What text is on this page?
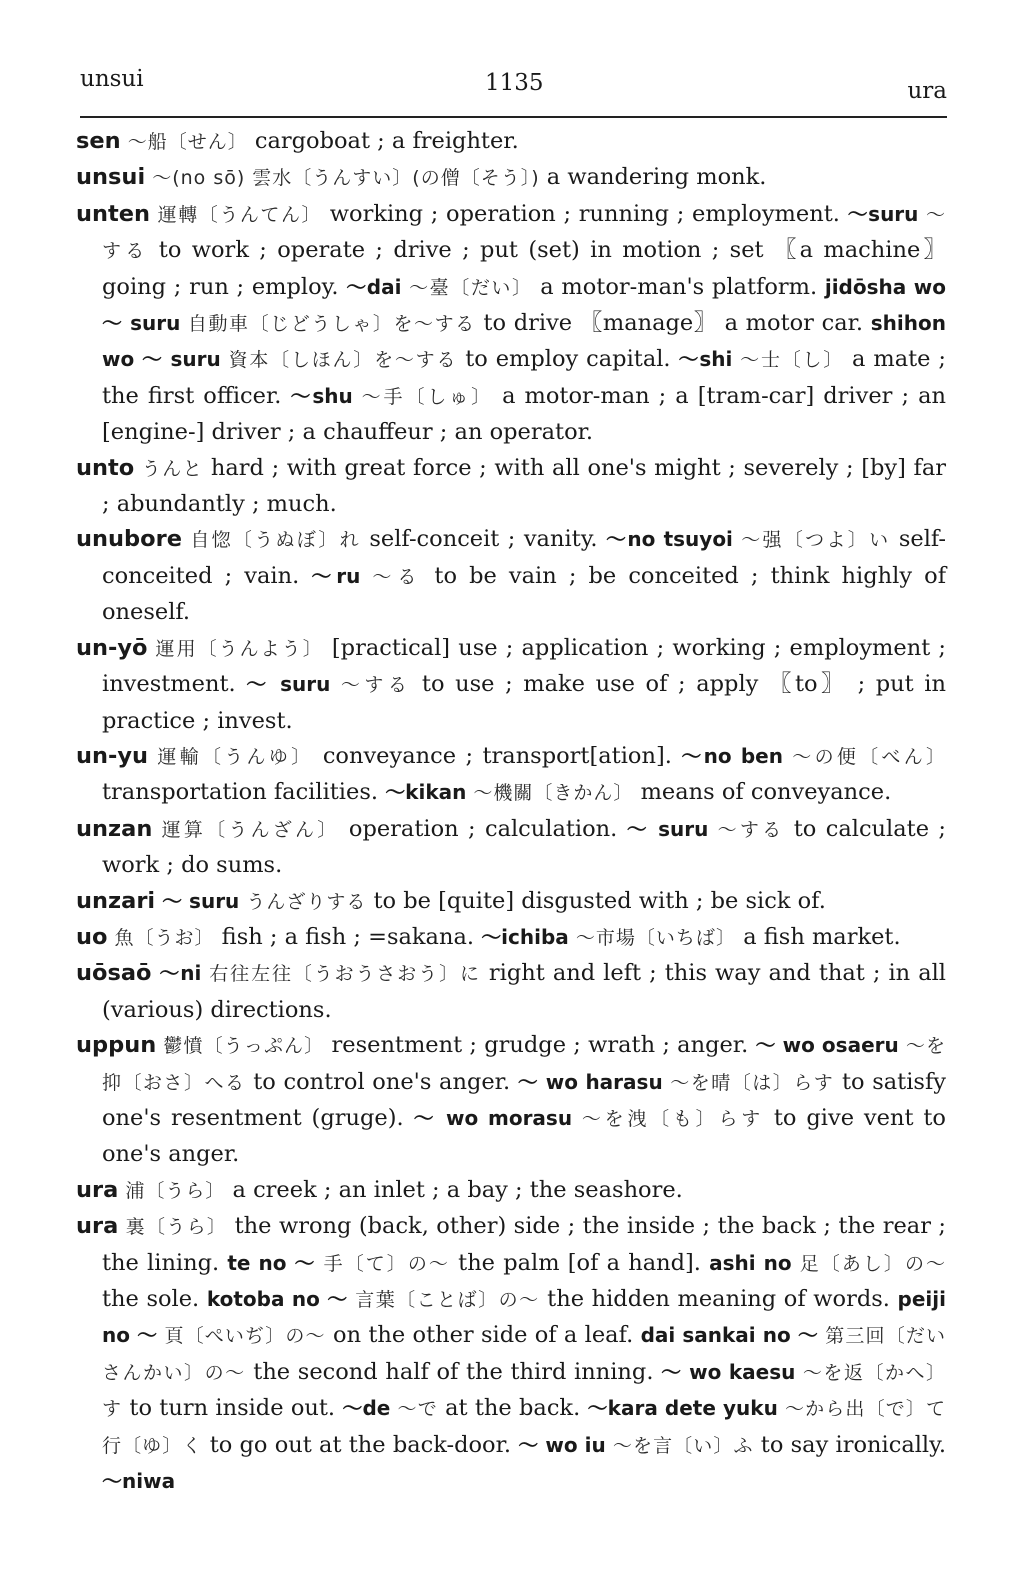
unsui	1135	ura
sen ～船〔せん〕 cargoboat ; a freighter.
unsui ～(no sō) 雲水〔うんすい〕(の僧〔そう〕) a wandering monk.
unten 運轉〔うんてん〕 working ; operation ; running ; employment. ～suru ～する to work ; operate ; drive ; put (set) in motion ; set 〖a machine〗 going ; run ; employ. ～dai ～臺〔だい〕 a motor-man's platform. jidōsha wo ～ suru 自動車〔じどうしゃ〕を～する to drive 〖manage〗 a motor car. shihon wo ～ suru 資本〔しほん〕を～する to employ capital. ～shi ～士〔し〕 a mate ; the first officer. ～shu ～手〔しゅ〕 a motor-man ; a [tram-car] driver ; an [engine-] driver ; a chauffeur ; an operator.
unto うんと hard ; with great force ; with all one's might ; severely ; [by] far ; abundantly ; much.
unubore 自惚〔うぬぼ〕れ self-conceit ; vanity. ～no tsuyoi ～强〔つよ〕い self-conceited ; vain. ～ru ～る to be vain ; be conceited ; think highly of oneself.
un-yō 運用〔うんよう〕 [practical] use ; application ; working ; employment ; investment. ～ suru ～する to use ; make use of ; apply 〖to〗 ; put in practice ; invest.
un-yu 運輸〔うんゆ〕 conveyance ; transport[ation]. ～no ben ～の便〔べん〕 transportation facilities. ～kikan ～機關〔きかん〕 means of conveyance.
unzan 運算〔うんざん〕 operation ; calculation. ～ suru ～する to calculate ; work ; do sums.
unzari ～ suru うんざりする to be [quite] disgusted with ; be sick of.
uo 魚〔うお〕 fish ; a fish ; =sakana. ～ichiba ～市場〔いちば〕 a fish market.
uōsaō ～ni 右往左往〔うおうさおう〕に right and left ; this way and that ; in all (various) directions.
uppun 鬱憤〔うっぷん〕 resentment ; grudge ; wrath ; anger. ～ wo osaeru ～を抑〔おさ〕へる to control one's anger. ～ wo harasu ～を晴〔は〕らす to satisfy one's resentment (gruge). ～ wo morasu ～を洩〔も〕らす to give vent to one's anger.
ura 浦〔うら〕 a creek ; an inlet ; a bay ; the seashore.
ura 裏〔うら〕 the wrong (back, other) side ; the inside ; the back ; the rear ; the lining. te no ～ 手〔て〕の～ the palm [of a hand]. ashi no 足〔あし〕の～ the sole. kotoba no ～ 言葉〔ことば〕の～ the hidden meaning of words. peiji no ～ 頁〔ぺいぢ〕の～ on the other side of a leaf. dai sankai no ～ 第三回〔だいさんかい〕の～ the second half of the third inning. ～ wo kaesu ～を返〔かへ〕す to turn inside out. ～de ～で at the back. ～kara dete yuku ～から出〔で〕て行〔ゆ〕く to go out at the back-door. ～ wo iu ～を言〔い〕ふ to say ironically. ～niwa
